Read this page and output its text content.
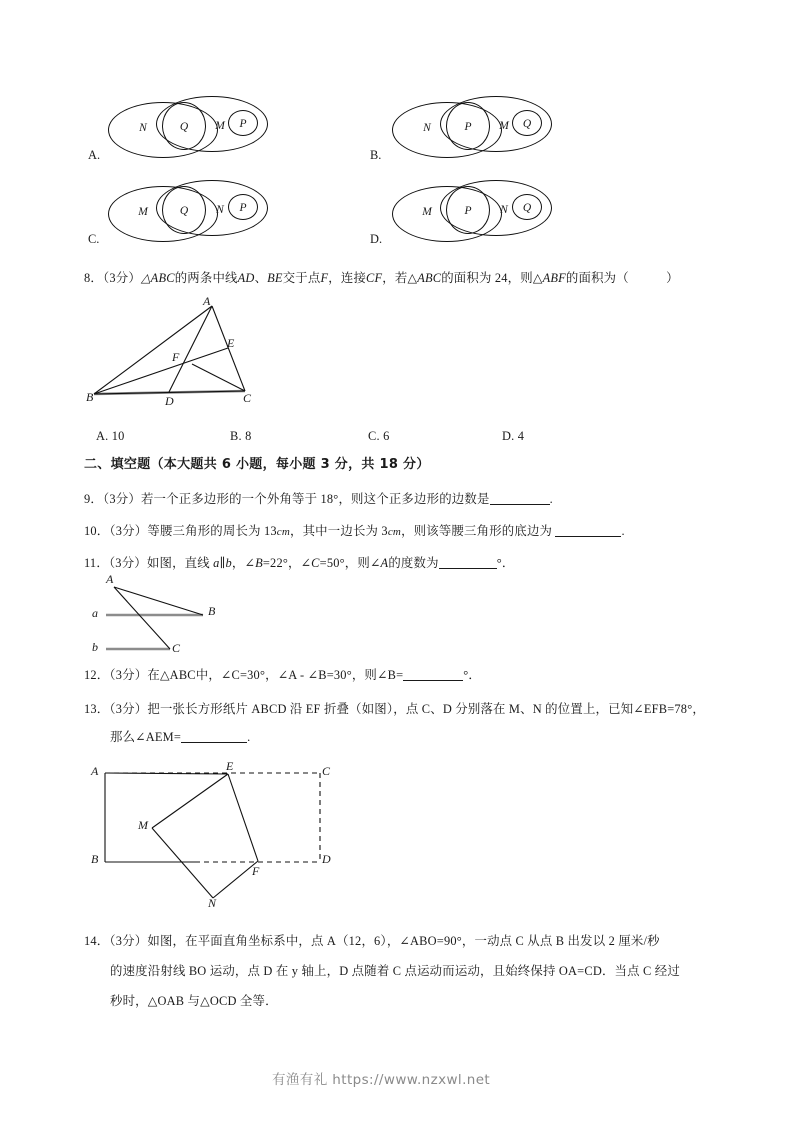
A.
N	Q M P
B.
N	P M Q
C.
M	Q N P
D.
M	P N Q
8．（3分）△ABC的两条中线AD、BE交于点F，连接CF，若△ABC的面积为 24，则△ABF的面积为（	）
A
B	C
D
E
F
A. 10	B. 8	C. 6	D. 4
二、填空题（本大题共 6 小题，每小题 3 分，共 18 分）
9．（3分）若一个正多边形的一个外角等于 18°，则这个正多边形的边数是	.
10．（3分）等腰三角形的周长为 13cm，其中一边长为 3cm，则该等腰三角形的底边为	.
11．（3分）如图，直线 a∥b，∠B=22°，∠C=50°，则∠A的度数为	°．
A
B
C
a
b
12．（3分）在△ABC中，∠C=30°，∠A - ∠B=30°，则∠B=	°．
13．（3分）把一张长方形纸片 ABCD 沿 EF 折叠（如图），点 C、D 分别落在 M、N 的位置上，已知∠EFB=78°，
那么∠AEM=	.
A	E	C
B	D
M
F
N
14．（3分）如图，在平面直角坐标系中，点 A（12，6），∠ABO=90°，一动点 C 从点 B 出发以 2 厘米/秒
的速度沿射线 BO 运动，点 D 在 y 轴上，D 点随着 C 点运动而运动，且始终保持 OA=CD．当点 C 经过
秒时，△OAB 与△OCD 全等．
有渔有礼 https://www.nzxwl.net
